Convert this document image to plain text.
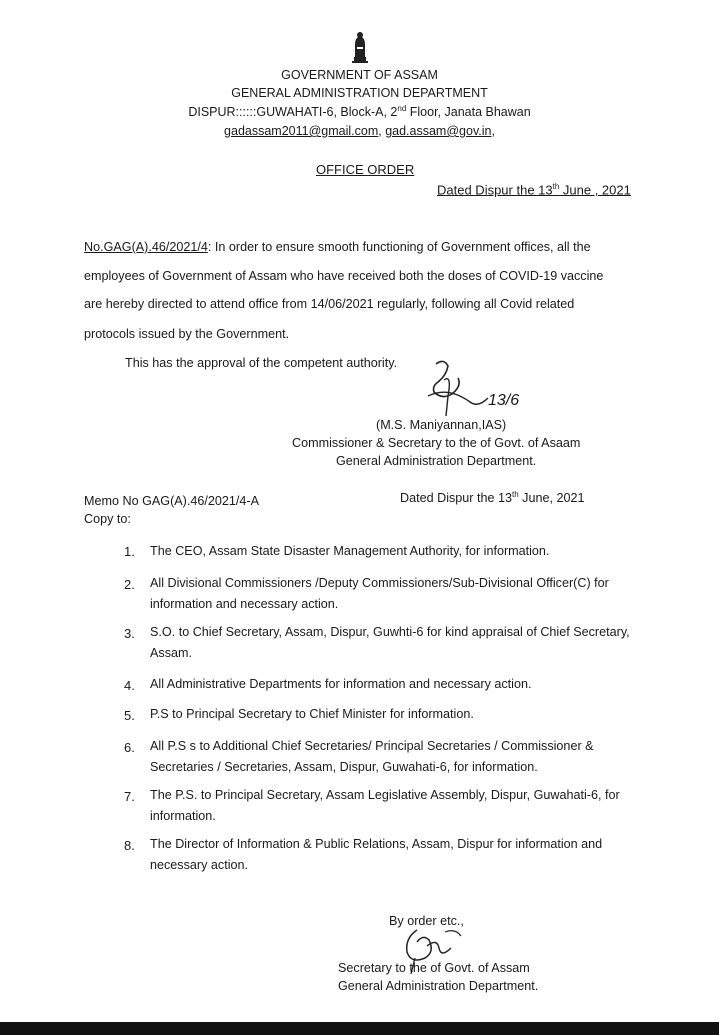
GOVERNMENT OF ASSAM
GENERAL ADMINISTRATION DEPARTMENT
DISPUR::::::GUWAHATI-6, Block-A, 2nd Floor, Janata Bhawan
gadassam2011@gmail.com, gad.assam@gov.in,
OFFICE ORDER
Dated Dispur the 13th June , 2021
No.GAG(A).46/2021/4: In order to ensure smooth functioning of Government offices, all the
employees of Government of Assam who have received both the doses of COVID-19 vaccine
are hereby directed to attend office from 14/06/2021 regularly, following all Covid related
protocols issued by the Government.
This has the approval of the competent authority.
13/6
(M.S. Maniyannan,IAS)
Commissioner & Secretary to the of Govt. of Asaam
General Administration Department.
Memo No GAG(A).46/2021/4-A	Dated Dispur the 13th June, 2021
Copy to:
1. The CEO, Assam State Disaster Management Authority, for information.
2. All Divisional Commissioners /Deputy Commissioners/Sub-Divisional Officer(C) for information and necessary action.
3. S.O. to Chief Secretary, Assam, Dispur, Guwhti-6 for kind appraisal of Chief Secretary, Assam.
4. All Administrative Departments for information and necessary action.
5. P.S to Principal Secretary to Chief Minister for information.
6. All P.S s to Additional Chief Secretaries/ Principal Secretaries / Commissioner & Secretaries / Secretaries, Assam, Dispur, Guwahati-6, for information.
7. The P.S. to Principal Secretary, Assam Legislative Assembly, Dispur, Guwahati-6, for information.
8. The Director of Information & Public Relations, Assam, Dispur for information and necessary action.
By order etc.,
Secretary to the of Govt. of Assam
General Administration Department.
